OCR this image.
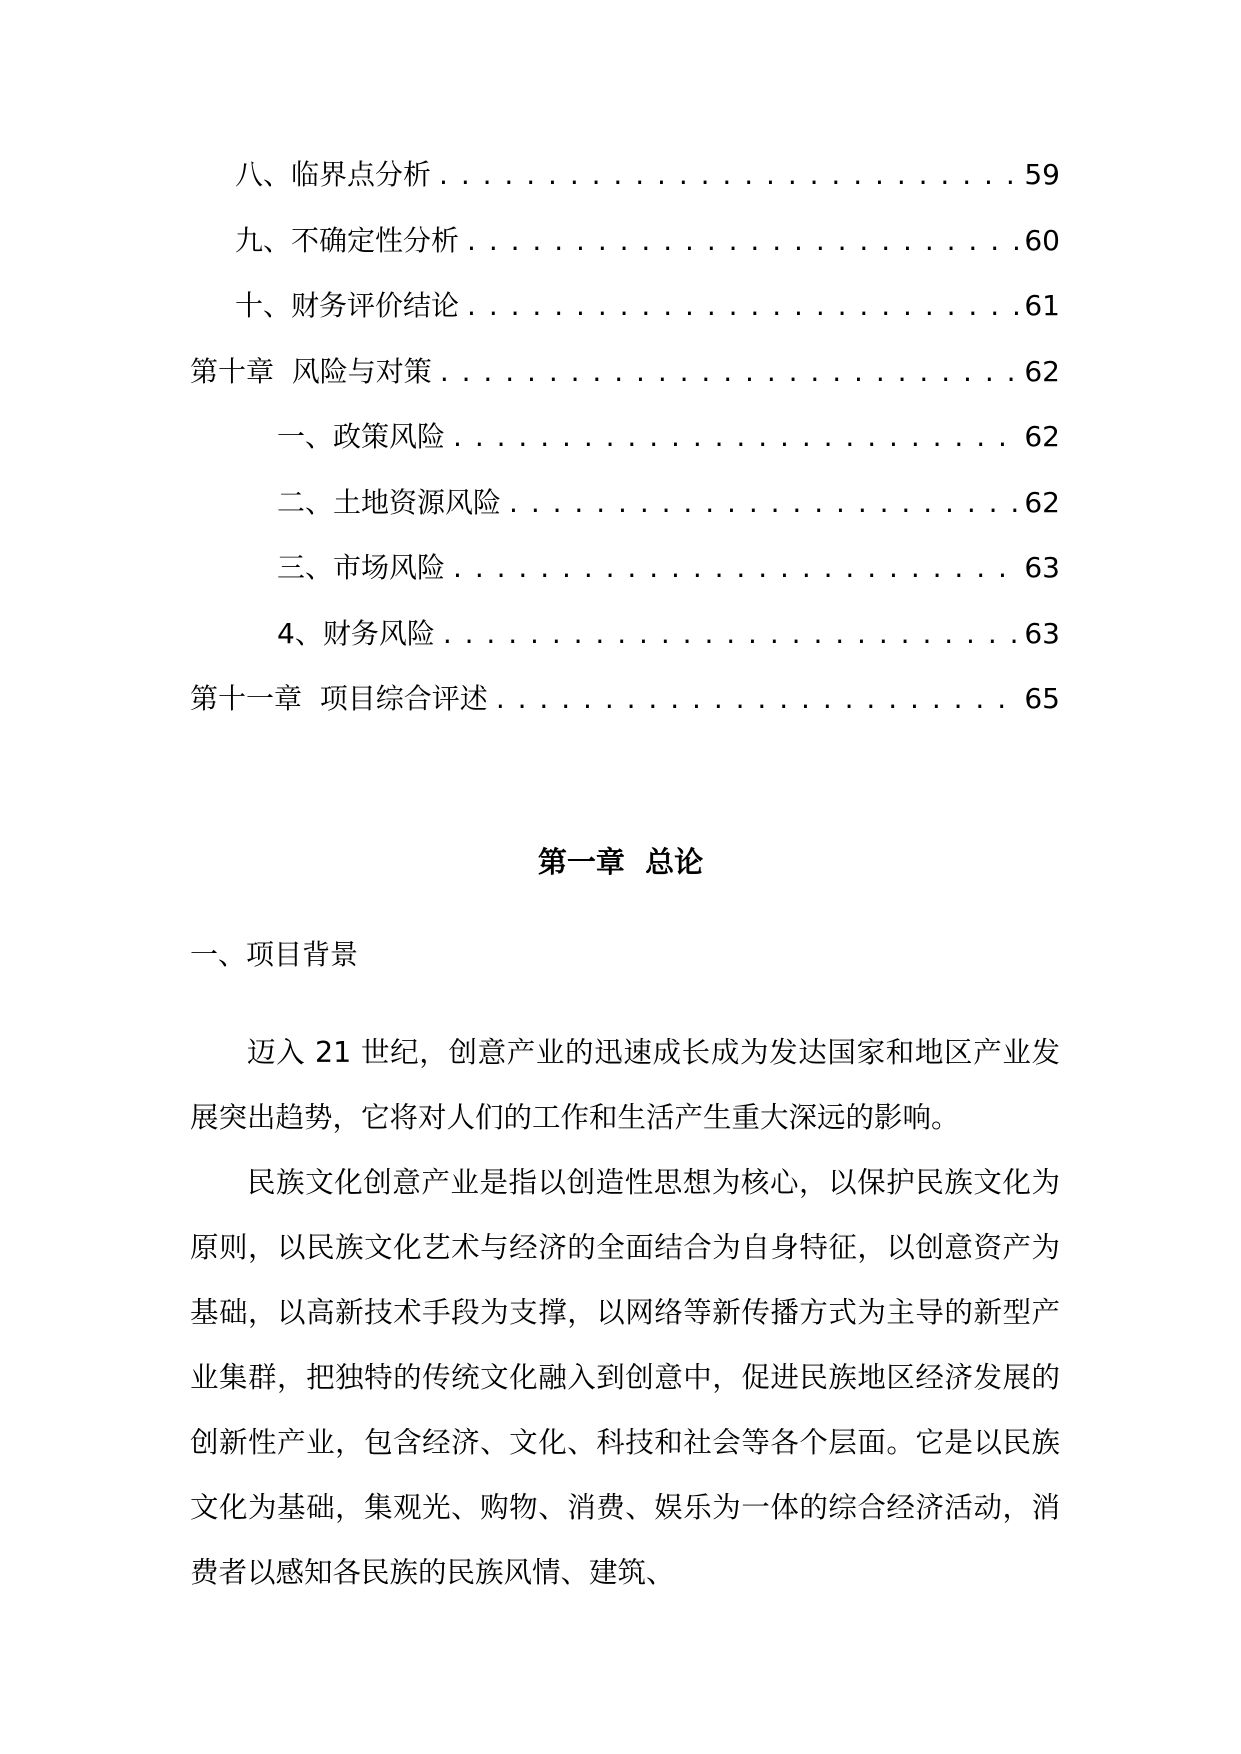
八、临界点分析 . . .	59
九、不确定性分析 . . .	60
十、财务评价结论 . . .	61
第十章  风险与对策 . . .	62
一、政策风险 . . .	62
二、土地资源风险 . . .	62
三、市场风险 . . .	63
4、财务风险 . . .	63
第十一章  项目综合评述 . . .	65
第一章  总论
一、项目背景

迈入 21 世纪，创意产业的迅速成长成为发达国家和地区产业发展突出趋势，它将对人们的工作和生活产生重大深远的影响。

民族文化创意产业是指以创造性思想为核心，以保护民族文化为原则，以民族文化艺术与经济的全面结合为自身特征，以创意资产为基础，以高新技术手段为支撑，以网络等新传播方式为主导的新型产业集群，把独特的传统文化融入到创意中，促进民族地区经济发展的创新性产业，包含经济、文化、科技和社会等各个层面。它是以民族文化为基础，集观光、购物、消费、娱乐为一体的综合经济活动，消费者以感知各民族的民族风情、建筑、
